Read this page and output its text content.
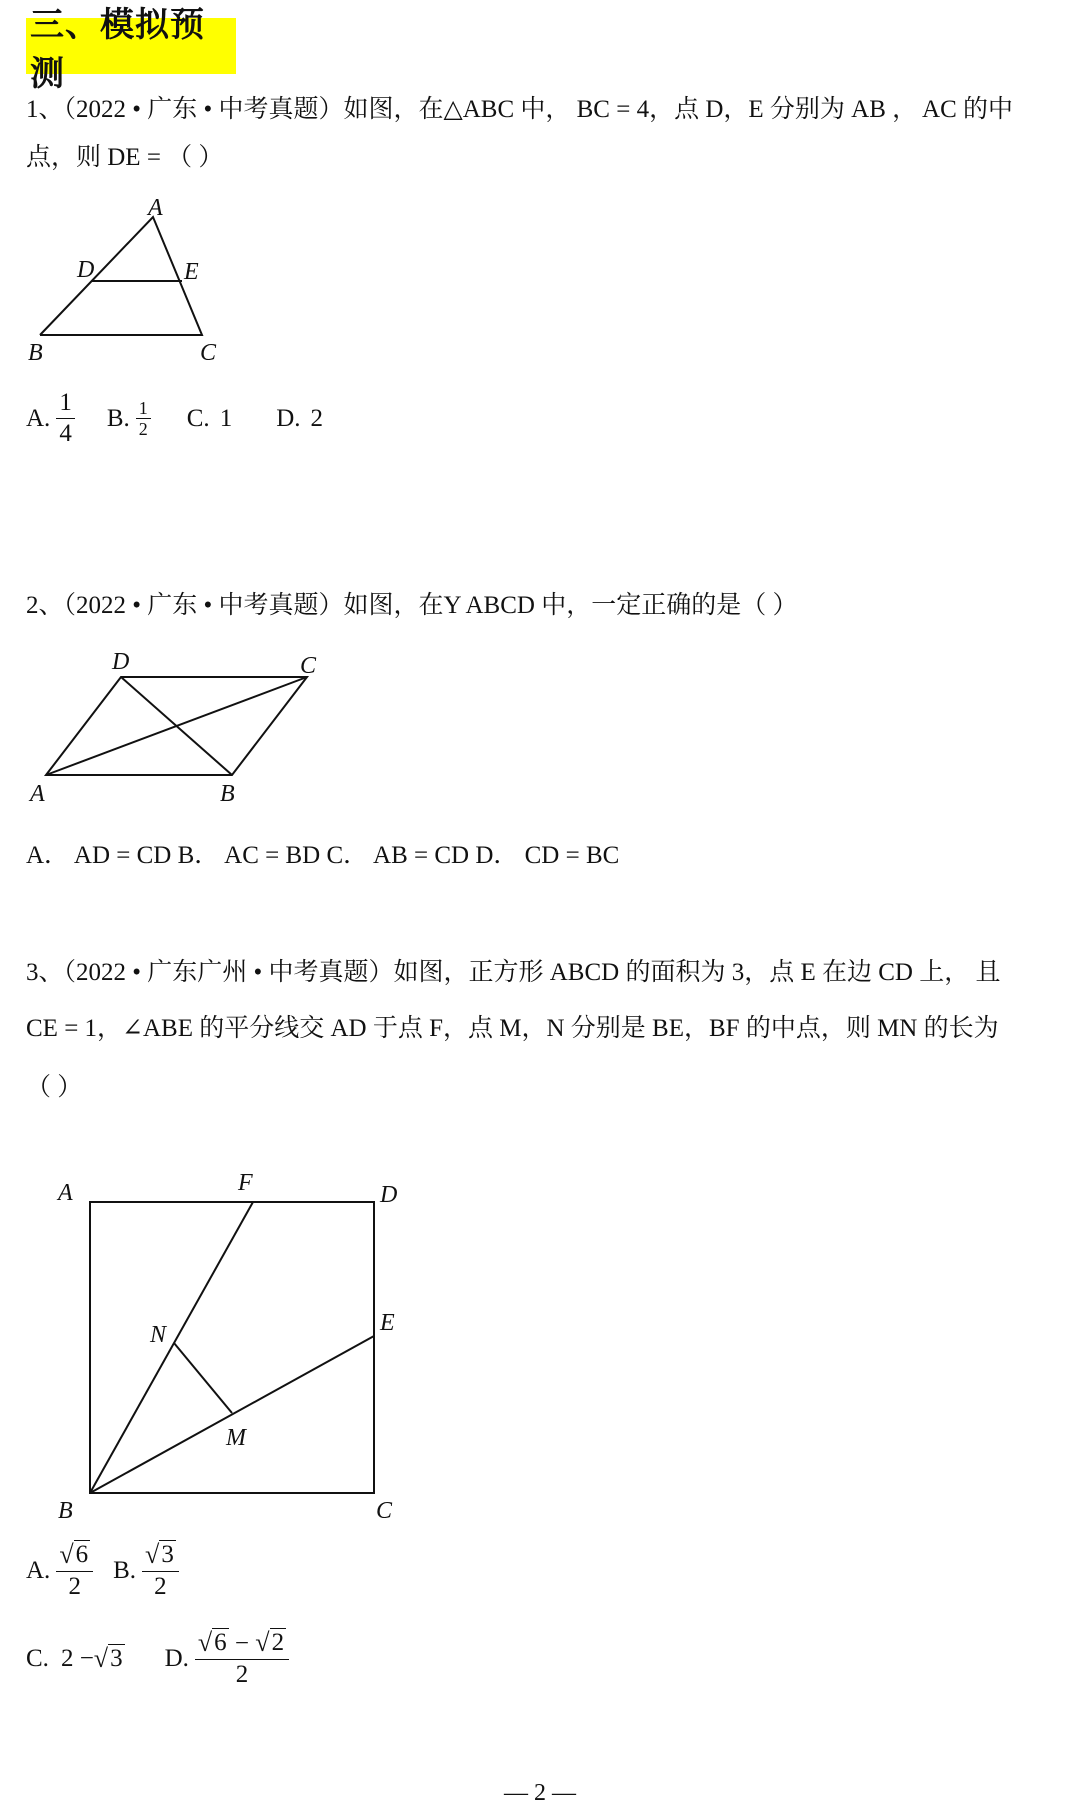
三、模拟预测
1、（2022 • 广东 • 中考真题）如图，在△ABC 中， BC = 4，点 D，E 分别为 AB ， AC 的中
点，则 DE = （ ）
A
D	E
B	C
A. $\frac{1}{4} B$. $\frac{1}{2} C$. 1 D. 2
2、（2022 • 广东 • 中考真题）如图，在Y ABCD 中，一定正确的是（ ）
D	C
A	B
A． AD = CD B． AC = BD C． AB = CD D． CD = BC
3、（2022 • 广东广州 • 中考真题）如图，正方形 ABCD 的面积为 3，点 E 在边 CD 上， 且
CE = 1，∠ABE 的平分线交 AD 于点 F，点 M，N 分别是 BE，BF 的中点，则 MN 的长为
（ ）
A	F	D
E
N
M
B	C
A. $\frac{√ 6}{2} B$. $\frac{√ 3}{2}$
C. 2 − √ 3 D. $\frac{√ 6 - √ 2}{2}$
— 2 —
